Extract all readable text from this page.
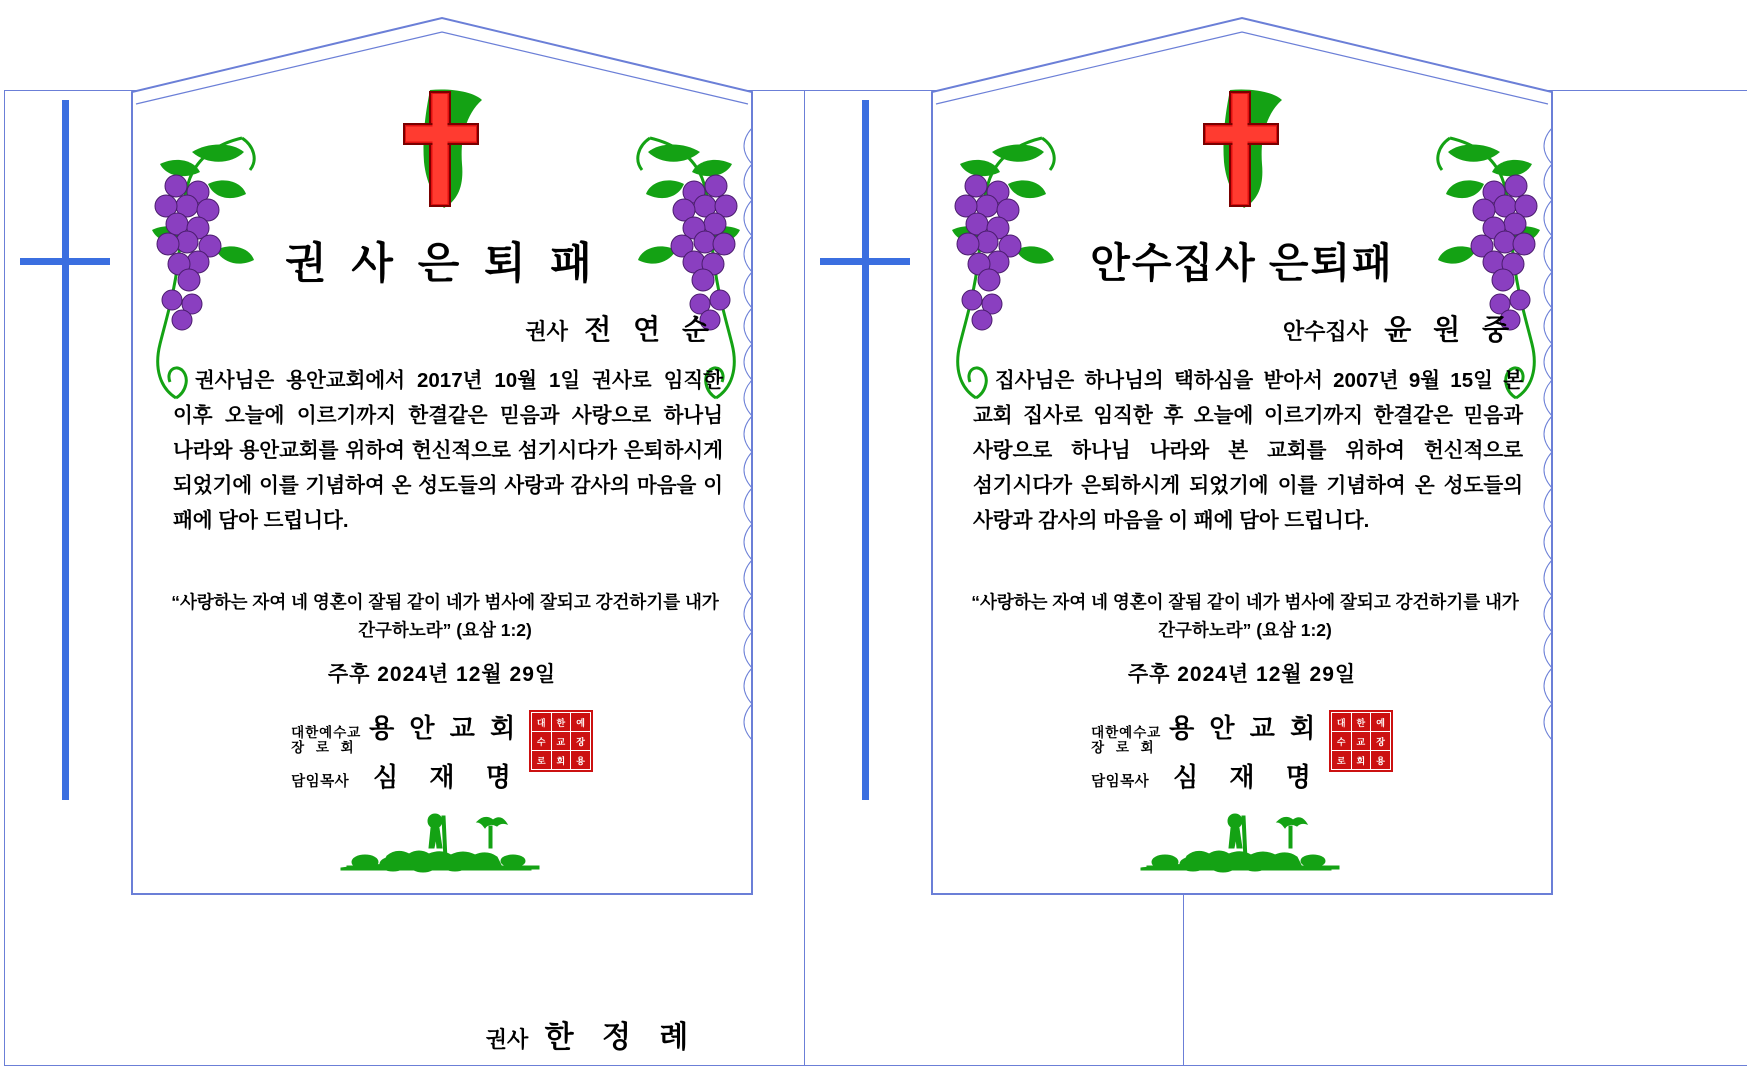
권 사 은 퇴 패
권사 전 연 순
권사님은 용안교회에서 2017년 10월 1일 권사로 임직한 이후 오늘에 이르기까지 한결같은 믿음과 사랑으로 하나님 나라와 용안교회를 위하여 헌신적으로 섬기시다가 은퇴하시게 되었기에 이를 기념하여 온 성도들의 사랑과 감사의 마음을 이 패에 담아 드립니다.
“사랑하는 자여 네 영혼이 잘됨 같이 네가 범사에 잘되고 강건하기를 내가 간구하노라” (요삼 1:2)
주후 2024년 12월 29일
대한예수교
장 로 회
용 안 교 회
담임목사 심 재 명
대	한	예
수	교	장
로	회	용
안수집사 은퇴패
안수집사 윤 원 중
집사님은 하나님의 택하심을 받아서 2007년 9월 15일 본 교회 집사로 임직한 후 오늘에 이르기까지 한결같은 믿음과 사랑으로 하나님 나라와 본 교회를 위하여 헌신적으로 섬기시다가 은퇴하시게 되었기에 이를 기념하여 온 성도들의 사랑과 감사의 마음을 이 패에 담아 드립니다.
“사랑하는 자여 네 영혼이 잘됨 같이 네가 범사에 잘되고 강건하기를 내가 간구하노라” (요삼 1:2)
주후 2024년 12월 29일
대한예수교
장 로 회
용 안 교 회
담임목사 심 재 명
대	한	예
수	교	장
로	회	용
권사 한 정 례
